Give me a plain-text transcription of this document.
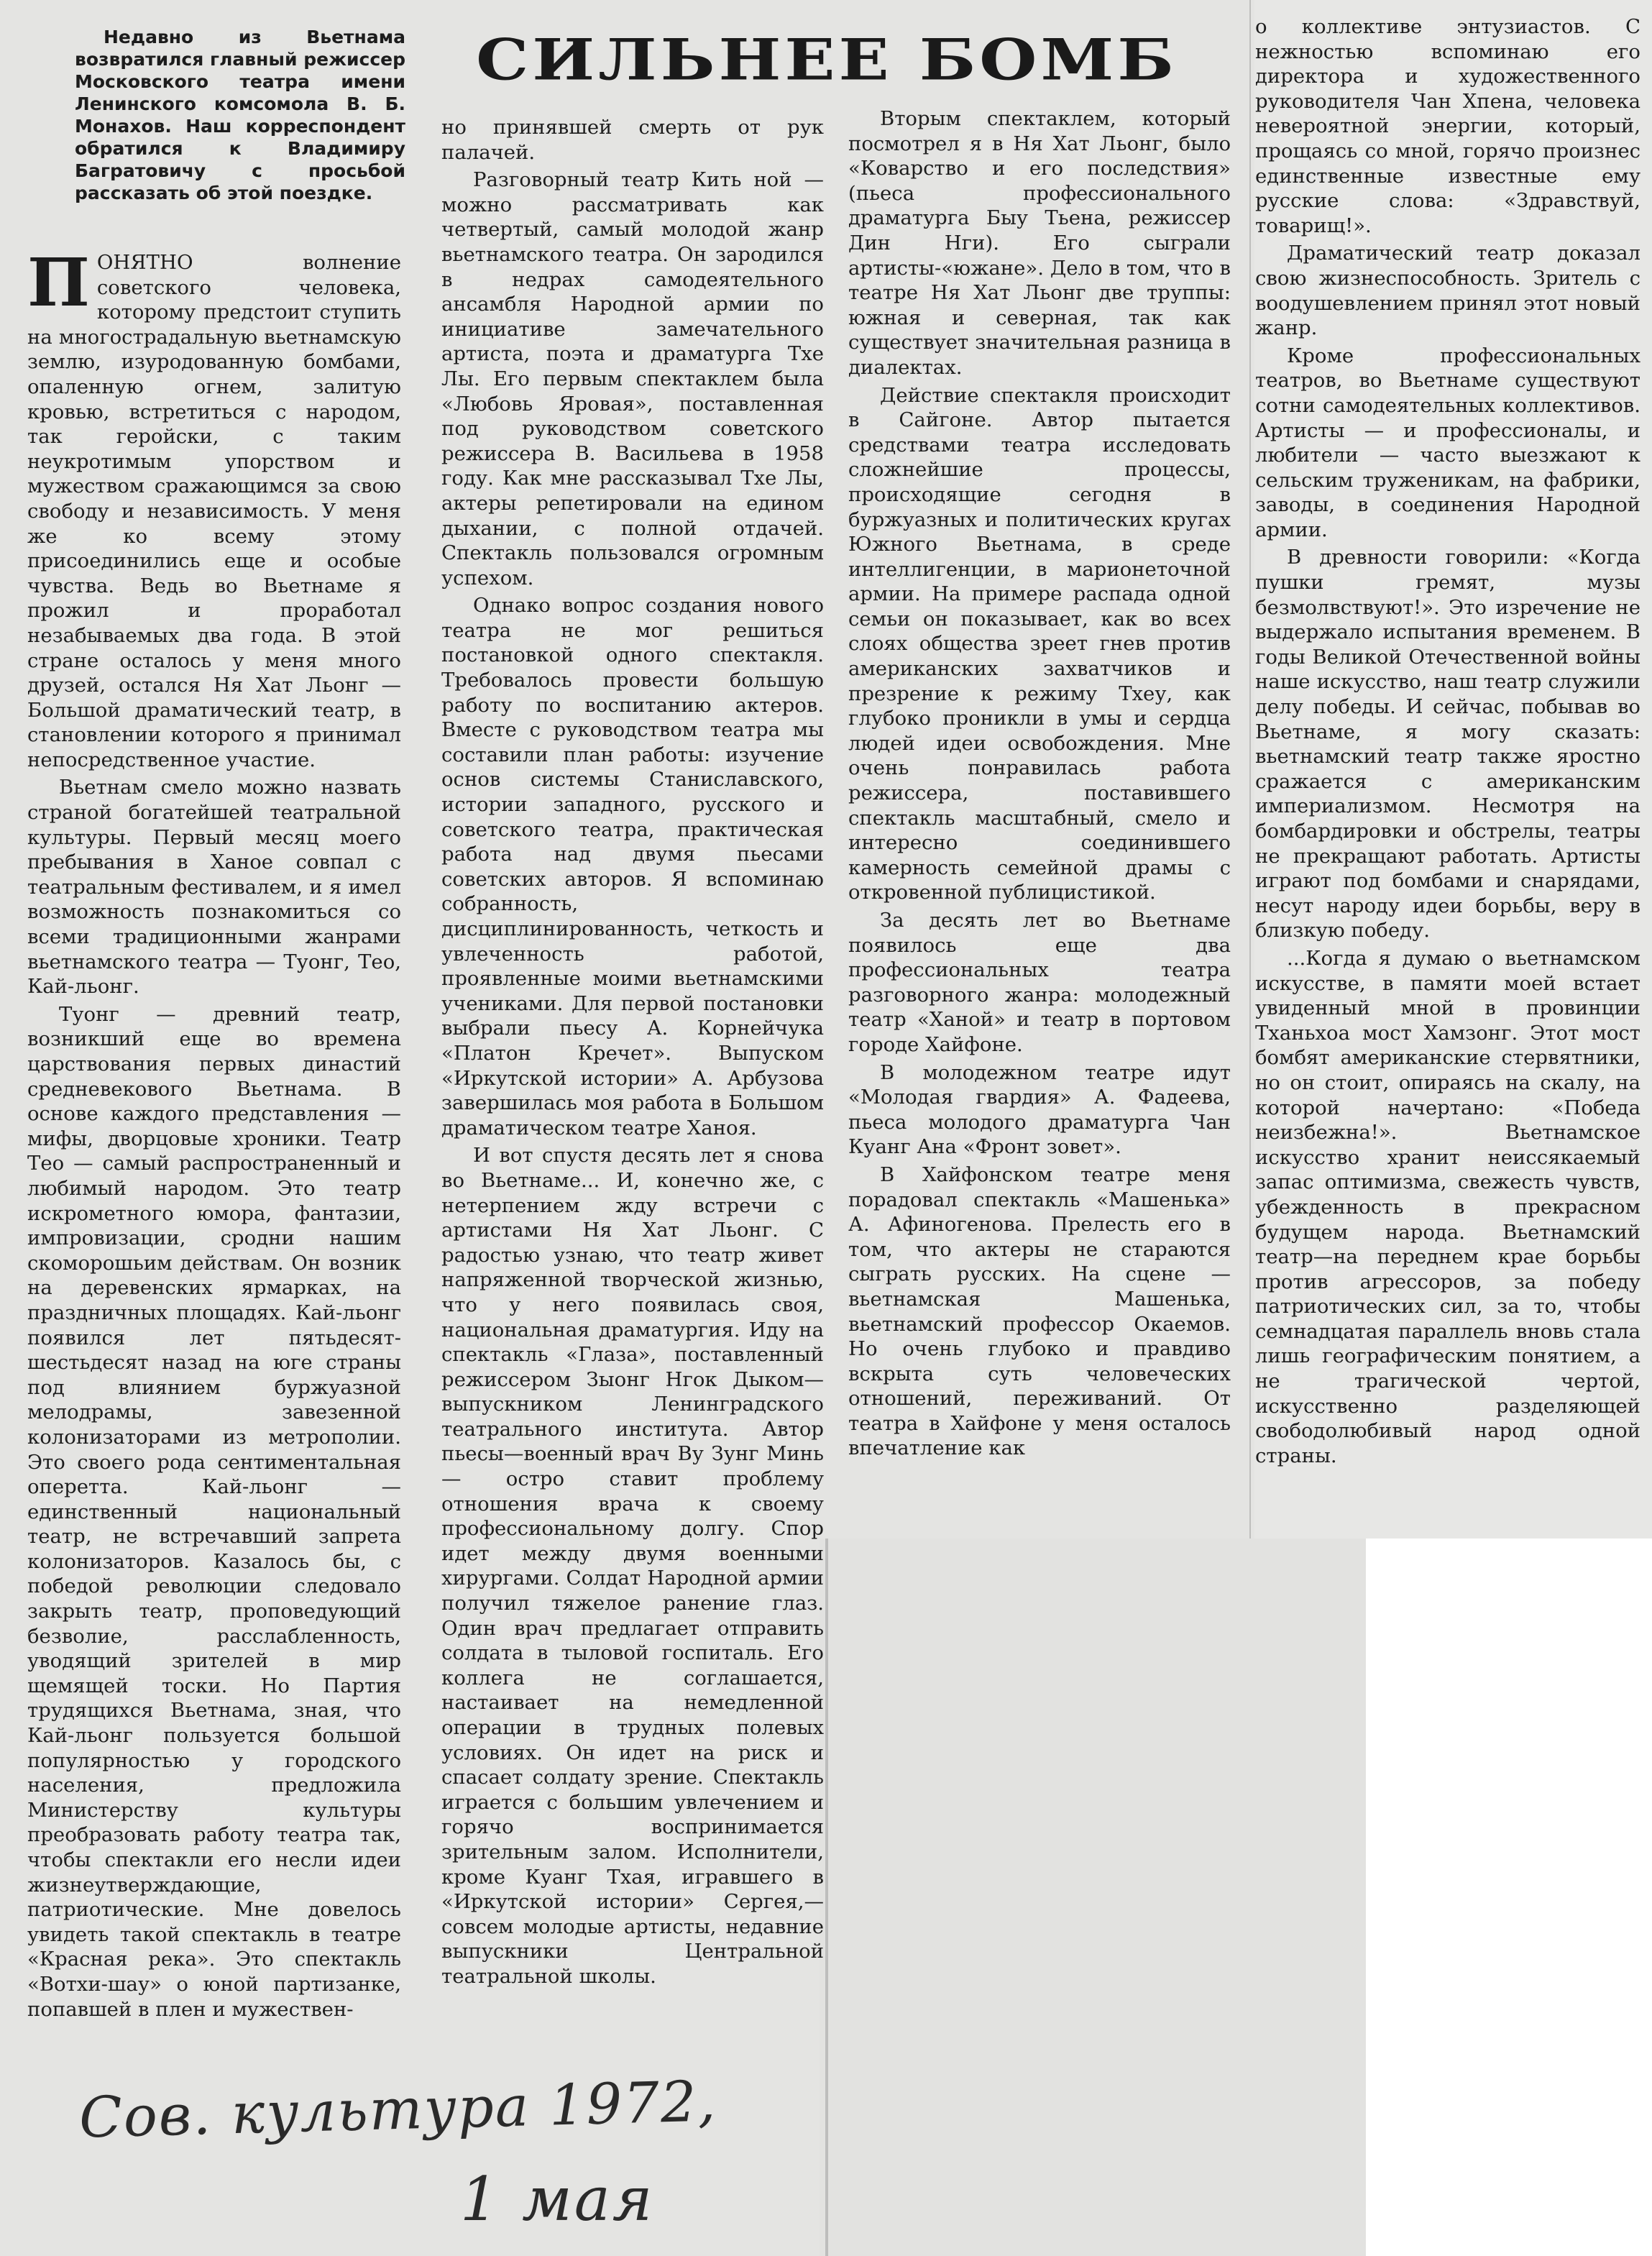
Недавно из Вьетнама возвратился главный режиссер Московского театра имени Ленинского комсомола В. Б. Монахов. Наш корреспондент обратился к Владимиру Багратовичу с просьбой рассказать об этой поездке.
СИЛЬНЕЕ БОМБ

ПОНЯТНО волнение советского человека, которому предстоит ступить на многострадальную вьетнамскую землю, изуродованную бомбами, опаленную огнем, залитую кровью, встретиться с народом, так геройски, с таким неукротимым упорством и мужеством сражающимся за свою свободу и независимость. У меня же ко всему этому присоединились еще и особые чувства. Ведь во Вьетнаме я прожил и проработал незабываемых два года. В этой стране осталось у меня много друзей, остался Ня Хат Льонг — Большой драматический театр, в становлении которого я принимал непосредственное участие.

Вьетнам смело можно назвать страной богатейшей театральной культуры. Первый месяц моего пребывания в Ханое совпал с театральным фестивалем, и я имел возможность познакомиться со всеми традиционными жанрами вьетнамского театра — Туонг, Тео, Кай-льонг.

Туонг — древний театр, возникший еще во времена царствования первых династий средневекового Вьетнама. В основе каждого представления — мифы, дворцовые хроники. Театр Тео — самый распространенный и любимый народом. Это театр искрометного юмора, фантазии, импровизации, сродни нашим скоморошьим действам. Он возник на деревенских ярмарках, на праздничных площадях. Кай-льонг появился лет пятьдесят-шестьдесят назад на юге страны под влиянием буржуазной мелодрамы, завезенной колонизаторами из метрополии. Это своего рода сентиментальная оперетта. Кай-льонг — единственный национальный театр, не встречавший запрета колонизаторов. Казалось бы, с победой революции следовало закрыть театр, проповедующий безволие, расслабленность, уводящий зрителей в мир щемящей тоски. Но Партия трудящихся Вьетнама, зная, что Кай-льонг пользуется большой популярностью у городского населения, предложила Министерству культуры преобразовать работу театра так, чтобы спектакли его несли идеи жизнеутверждающие, патриотические. Мне довелось увидеть такой спектакль в театре «Красная река». Это спектакль «Вотхи-шау» о юной партизанке, попавшей в плен и мужествен-

но принявшей смерть от рук палачей.

Разговорный театр Кить ной — можно рассматривать как четвертый, самый молодой жанр вьетнамского театра. Он зародился в недрах самодеятельного ансамбля Народной армии по инициативе замечательного артиста, поэта и драматурга Тхе Лы. Его первым спектаклем была «Любовь Яровая», поставленная под руководством советского режиссера В. Васильева в 1958 году. Как мне рассказывал Тхе Лы, актеры репетировали на едином дыхании, с полной отдачей. Спектакль пользовался огромным успехом.

Однако вопрос создания нового театра не мог решиться постановкой одного спектакля. Требовалось провести большую работу по воспитанию актеров. Вместе с руководством театра мы составили план работы: изучение основ системы Станиславского, истории западного, русского и советского театра, практическая работа над двумя пьесами советских авторов. Я вспоминаю собранность, дисциплинированность, четкость и увлеченность работой, проявленные моими вьетнамскими учениками. Для первой постановки выбрали пьесу А. Корнейчука «Платон Кречет». Выпуском «Иркутской истории» А. Арбузова завершилась моя работа в Большом драматическом театре Ханоя.

И вот спустя десять лет я снова во Вьетнаме... И, конечно же, с нетерпением жду встречи с артистами Ня Хат Льонг. С радостью узнаю, что театр живет напряженной творческой жизнью, что у него появилась своя, национальная драматургия. Иду на спектакль «Глаза», поставленный режиссером Зыонг Нгок Дыком—выпускником Ленинградского театрального института. Автор пьесы—военный врач Ву Зунг Минь — остро ставит проблему отношения врача к своему профессиональному долгу. Спор идет между двумя военными хирургами. Солдат Народной армии получил тяжелое ранение глаз. Один врач предлагает отправить солдата в тыловой госпиталь. Его коллега не соглашается, настаивает на немедленной операции в трудных полевых условиях. Он идет на риск и спасает солдату зрение. Спектакль играется с большим увлечением и горячо воспринимается зрительным залом. Исполнители, кроме Куанг Тхая, игравшего в «Иркутской истории» Сергея,—совсем молодые артисты, недавние выпускники Центральной театральной школы.

Вторым спектаклем, который посмотрел я в Ня Хат Льонг, было «Коварство и его последствия» (пьеса профессионального драматурга Быу Тьена, режиссер Дин Нги). Его сыграли артисты-«южане». Дело в том, что в театре Ня Хат Льонг две труппы: южная и северная, так как существует значительная разница в диалектах.

Действие спектакля происходит в Сайгоне. Автор пытается средствами театра исследовать сложнейшие процессы, происходящие сегодня в буржуазных и политических кругах Южного Вьетнама, в среде интеллигенции, в марионеточной армии. На примере распада одной семьи он показывает, как во всех слоях общества зреет гнев против американских захватчиков и презрение к режиму Тхеу, как глубоко проникли в умы и сердца людей идеи освобождения. Мне очень понравилась работа режиссера, поставившего спектакль масштабный, смело и интересно соединившего камерность семейной драмы с откровенной публицистикой.

За десять лет во Вьетнаме появилось еще два профессиональных театра разговорного жанра: молодежный театр «Ханой» и театр в портовом городе Хайфоне.

В молодежном театре идут «Молодая гвардия» А. Фадеева, пьеса молодого драматурга Чан Куанг Ана «Фронт зовет».

В Хайфонском театре меня порадовал спектакль «Машенька» А. Афиногенова. Прелесть его в том, что актеры не стараются сыграть русских. На сцене — вьетнамская Машенька, вьетнамский профессор Окаемов. Но очень глубоко и правдиво вскрыта суть человеческих отношений, переживаний. От театра в Хайфоне у меня осталось впечатление как

о коллективе энтузиастов. С нежностью вспоминаю его директора и художественного руководителя Чан Хпена, человека невероятной энергии, который, прощаясь со мной, горячо произнес единственные известные ему русские слова: «Здравствуй, товарищ!».

Драматический театр доказал свою жизнеспособность. Зритель с воодушевлением принял этот новый жанр.

Кроме профессиональных театров, во Вьетнаме существуют сотни самодеятельных коллективов. Артисты — и профессионалы, и любители — часто выезжают к сельским труженикам, на фабрики, заводы, в соединения Народной армии.

В древности говорили: «Когда пушки гремят, музы безмолвствуют!». Это изречение не выдержало испытания временем. В годы Великой Отечественной войны наше искусство, наш театр служили делу победы. И сейчас, побывав во Вьетнаме, я могу сказать: вьетнамский театр также яростно сражается с американским империализмом. Несмотря на бомбардировки и обстрелы, театры не прекращают работать. Артисты играют под бомбами и снарядами, несут народу идеи борьбы, веру в близкую победу.

...Когда я думаю о вьетнамском искусстве, в памяти моей встает увиденный мной в провинции Тханьхоа мост Хамзонг. Этот мост бомбят американские стервятники, но он стоит, опираясь на скалу, на которой начертано: «Победа неизбежна!». Вьетнамское искусство хранит неиссякаемый запас оптимизма, свежесть чувств, убежденность в прекрасном будущем народа. Вьетнамский театр—на переднем крае борьбы против агрессоров, за победу патриотических сил, за то, чтобы семнадцатая параллель вновь стала лишь географическим понятием, а не трагической чертой, искусственно разделяющей свободолюбивый народ одной страны.

Сов. культура 1972,
1 мая
